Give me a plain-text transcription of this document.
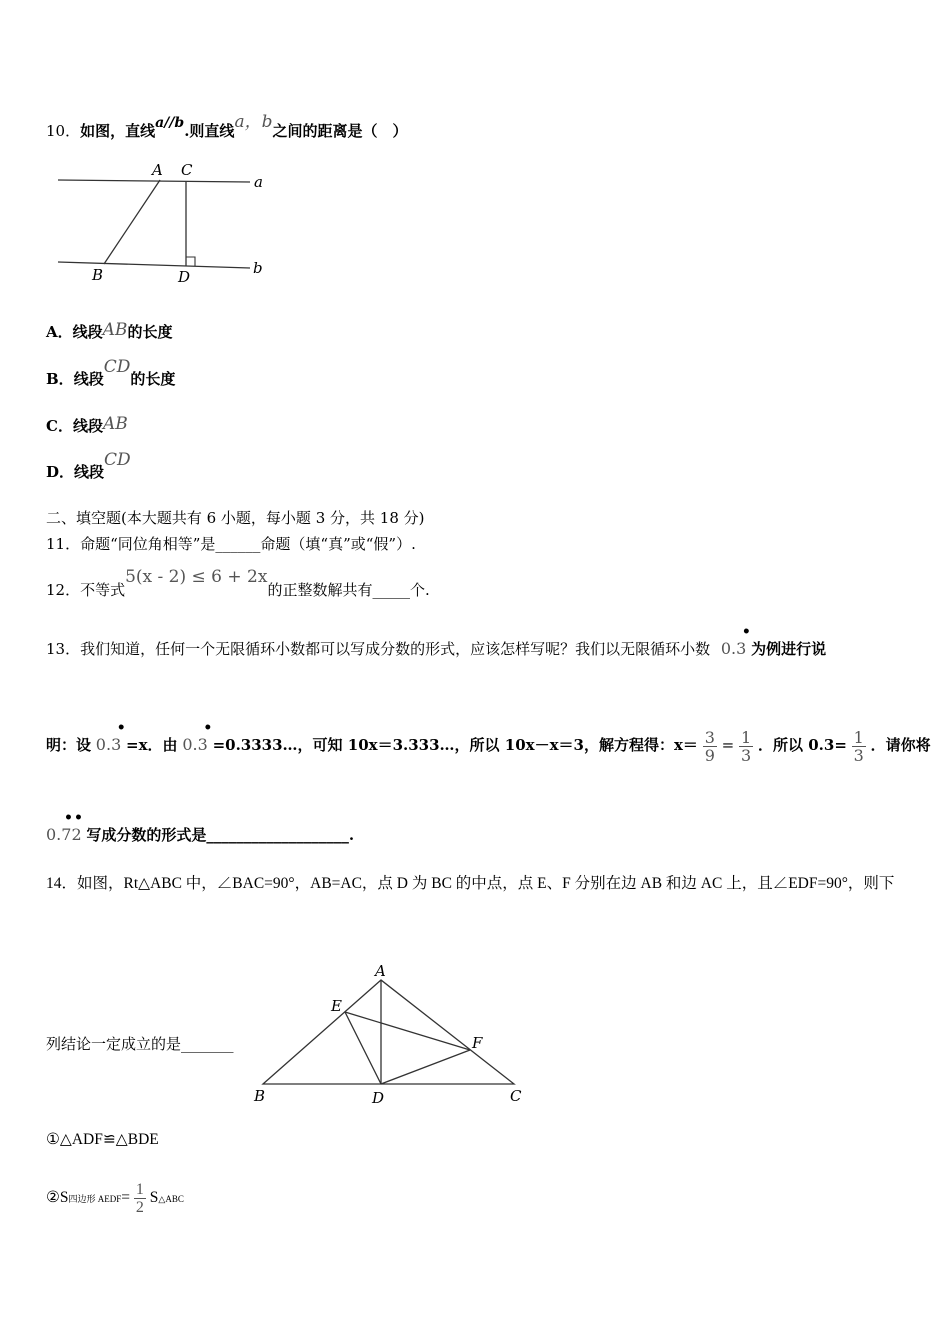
10．如图，直线a//b.则直线a，b之间的距离是（　）
A C
a
B	D	b
A．线段AB的长度
B．线段CD的长度
C．线段AB
D．线段CD
二、填空题(本大题共有 6 小题，每小题 3 分，共 18 分)
11．命题“同位角相等”是______命题（填“真”或“假”）.
12．不等式5(x - 2) ≤ 6 + 2x的正整数解共有_____个.
13．我们知道，任何一个无限循环小数都可以写成分数的形式，应该怎样写呢？我们以无限循环小数 0.3
•
为例进行说
明：设 0.3
•
=x．由 0.3
•
=0.3333…，可知 10x＝3.333…，所以 10x－x＝3，解方程得：$x= \frac{3}{9} = \frac{1}{3}$ ．所以 $0.3= \frac{1}{3}$ ．请你将
0.72
• •
写成分数的形式是___________________.
14．如图，Rt△ABC 中，∠BAC=90°，AB=AC，点 D 为 BC 的中点，点 E、F 分别在边 AB 和边 AC 上，且∠EDF=90°，则下
列结论一定成立的是_______
A
E
F
B	D	C
①△ADF≌△BDE
②S四边形 AEDF= $\frac{1}{2}$ S△ABC
